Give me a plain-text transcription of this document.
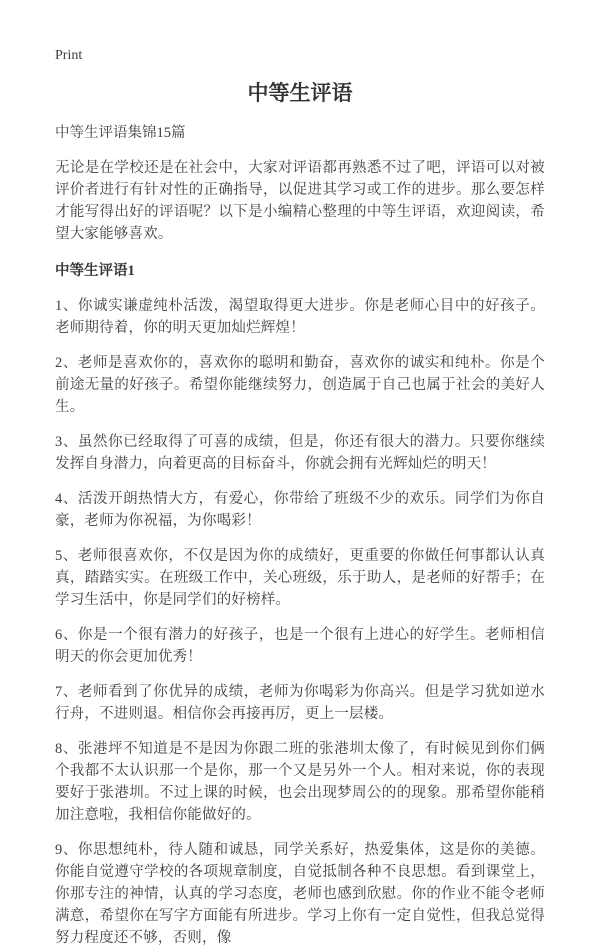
Print
中等生评语

中等生评语集锦15篇

无论是在学校还是在社会中，大家对评语都再熟悉不过了吧，评语可以对被评价者进行有针对性的正确指导，以促进其学习或工作的进步。那么要怎样才能写得出好的评语呢？以下是小编精心整理的中等生评语，欢迎阅读，希望大家能够喜欢。

中等生评语1

1、你诚实谦虚纯朴活泼，渴望取得更大进步。你是老师心目中的好孩子。老师期待着，你的明天更加灿烂辉煌！

2、老师是喜欢你的，喜欢你的聪明和勤奋，喜欢你的诚实和纯朴。你是个前途无量的好孩子。希望你能继续努力，创造属于自己也属于社会的美好人生。

3、虽然你已经取得了可喜的成绩，但是，你还有很大的潜力。只要你继续发挥自身潜力，向着更高的目标奋斗，你就会拥有光辉灿烂的明天！

4、活泼开朗热情大方，有爱心，你带给了班级不少的欢乐。同学们为你自豪，老师为你祝福，为你喝彩！

5、老师很喜欢你，不仅是因为你的成绩好，更重要的你做任何事都认认真真，踏踏实实。在班级工作中，关心班级，乐于助人，是老师的好帮手；在学习生活中，你是同学们的好榜样。

6、你是一个很有潜力的好孩子，也是一个很有上进心的好学生。老师相信明天的你会更加优秀！

7、老师看到了你优异的成绩，老师为你喝彩为你高兴。但是学习犹如逆水行舟，不进则退。相信你会再接再厉，更上一层楼。

8、张港坪不知道是不是因为你跟二班的张港圳太像了，有时候见到你们俩个我都不太认识那一个是你，那一个又是另外一个人。相对来说，你的表现要好于张港圳。不过上课的时候，也会出现梦周公的的现象。那希望你能稍加注意啦，我相信你能做好的。

9、你思想纯朴，待人随和诚恳，同学关系好，热爱集体，这是你的美德。你能自觉遵守学校的各项规章制度，自觉抵制各种不良思想。看到课堂上，你那专注的神情，认真的学习态度，老师也感到欣慰。你的作业不能令老师满意，希望你在写字方面能有所进步。学习上你有一定自觉性，但我总觉得努力程度还不够，否则，像
